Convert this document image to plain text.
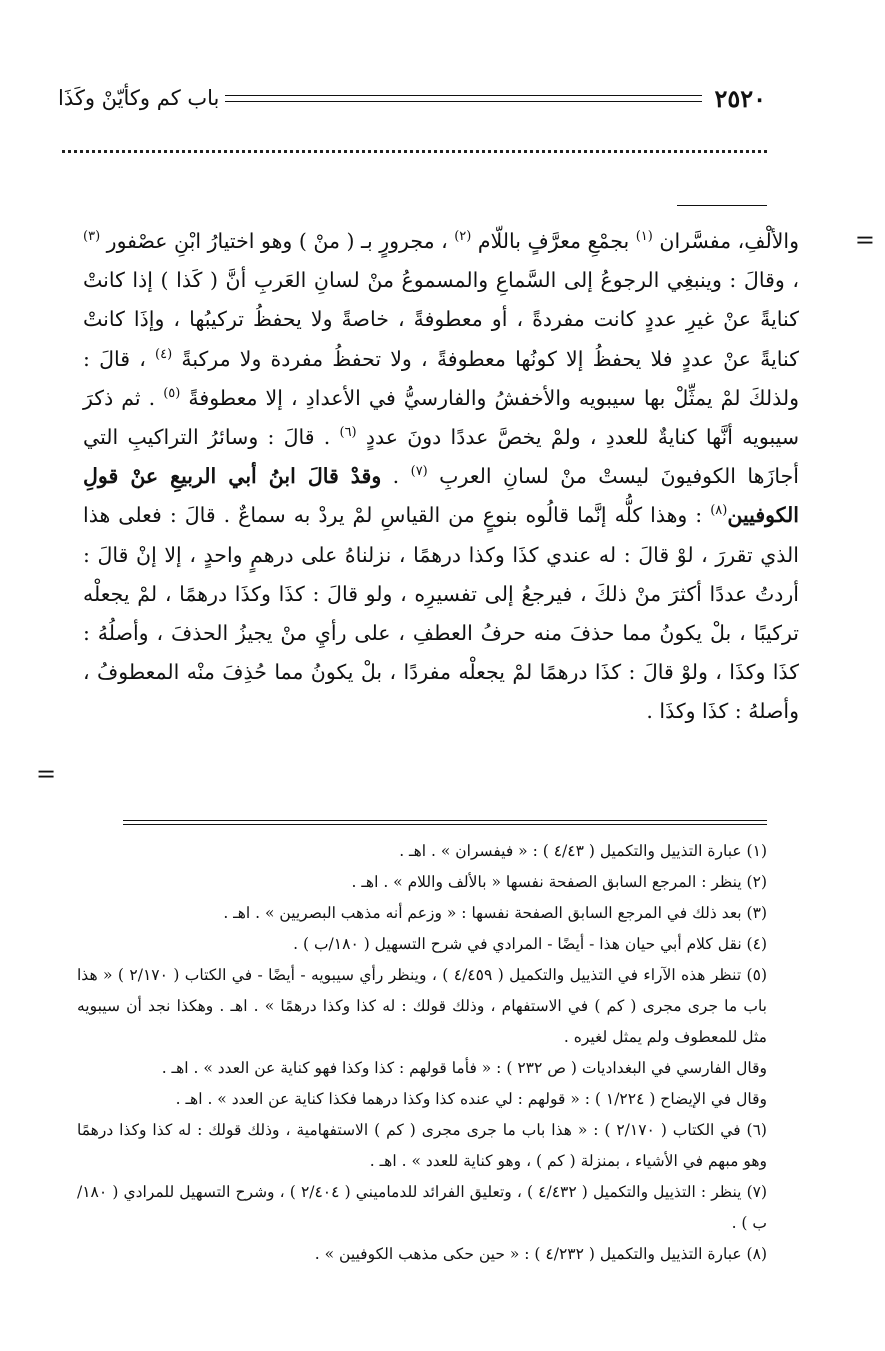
٢٥٢٠
باب كم وكأيّنْ وكَذَا
=
والألْفِ، مفسَّران $^{(١)}$ بجمْعِ معرَّفٍ باللّام $^{(٢)}$ ، مجرورٍ بـ ( منْ ) وهو اختيارُ ابْنِ عصْفور $^{(٣)}$ ، وقالَ : وينبغِي الرجوعُ إلى السَّماعِ والمسموعُ منْ لسانِ العَربِ أنَّ ( كَذا ) إذا كانتْ كنايةً عنْ غيرِ عددٍ كانت مفردةً ، أو معطوفةً ، خاصةً ولا يحفظُ تركيبُها ، وإذَا كانتْ كنايةً عنْ عددٍ فلا يحفظُ إلا كونُها معطوفةً ، ولا تحفظُ مفردة ولا مركبةً $^{(٤)}$ ، قالَ : ولذلكَ لمْ يمثِّلْ بها سيبويه والأخفشُ والفارسيُّ في الأعدادِ ، إلا معطوفةً $^{(٥)}$ . ثم ذكرَ سيبويه أنَّها كنايةٌ للعددِ ، ولمْ يخصَّ عددًا دونَ عددٍ $^{(٦)}$ . قالَ : وسائرُ التراكيبِ التي أجازَها الكوفيونَ ليستْ منْ لسانِ العربِ $^{(٧)}$ . وقدْ قالَ ابنُ أبي الربيعِ عنْ قولِ الكوفيين$^{(٨)}$ : وهذا كلُّه إنَّما قالُوه بنوعٍ من القياسِ لمْ يردْ به سماعٌ . قالَ : فعلى هذا الذي تقررَ ، لوْ قالَ : له عندي كذَا وكذا درهمًا ، نزلناهُ على درهمٍ واحدٍ ، إلا إنْ قالَ : أردتُ عددًا أكثرَ منْ ذلكَ ، فيرجعُ إلى تفسيرِه ، ولو قالَ : كذَا وكذَا درهمًا ، لمْ يجعلْه تركيبًا ، بلْ يكونُ مما حذفَ منه حرفُ العطفِ ، على رأيِ منْ يجيزُ الحذفَ ، وأصلُهُ : كذَا وكذَا ، ولوْ قالَ : كذَا درهمًا لمْ يجعلْه مفردًا ، بلْ يكونُ مما حُذِفَ منْه المعطوفُ ، وأصلهُ : كذَا وكذَا .
=

(١) عبارة التذييل والتكميل ( ٤/٤٣ ) : « فيفسران » . اهـ .

(٢) ينظر : المرجع السابق الصفحة نفسها « بالألف واللام » . اهـ .

(٣) بعد ذلك في المرجع السابق الصفحة نفسها : « وزعم أنه مذهب البصريين » . اهـ .

(٤) نقل كلام أبي حيان هذا - أيضًا - المرادي في شرح التسهيل ( ١٨٠/ب ) .

(٥) تنظر هذه الآراء في التذييل والتكميل ( ٤/٤٥٩ ) ، وينظر رأي سيبويه - أيضًا - في الكتاب ( ٢/١٧٠ ) « هذا باب ما جرى مجرى ( كم ) في الاستفهام ، وذلك قولك : له كذا وكذا درهمًا » . اهـ . وهكذا نجد أن سيبويه مثل للمعطوف ولم يمثل لغيره .

وقال الفارسي في البغداديات ( ص ٢٣٢ ) : « فأما قولهم : كذا وكذا فهو كناية عن العدد » . اهـ .

وقال في الإيضاح ( ١/٢٢٤ ) : « قولهم : لي عنده كذا وكذا درهما فكذا كناية عن العدد » . اهـ .

(٦) في الكتاب ( ٢/١٧٠ ) : « هذا باب ما جرى مجرى ( كم ) الاستفهامية ، وذلك قولك : له كذا وكذا درهمًا وهو مبهم في الأشياء ، بمنزلة ( كم ) ، وهو كناية للعدد » . اهـ .

(٧) ينظر : التذييل والتكميل ( ٤/٤٣٢ ) ، وتعليق الفرائد للدماميني ( ٢/٤٠٤ ) ، وشرح التسهيل للمرادي ( ١٨٠/ب ) .

(٨) عبارة التذييل والتكميل ( ٤/٢٣٢ ) : « حين حكى مذهب الكوفيين » .
